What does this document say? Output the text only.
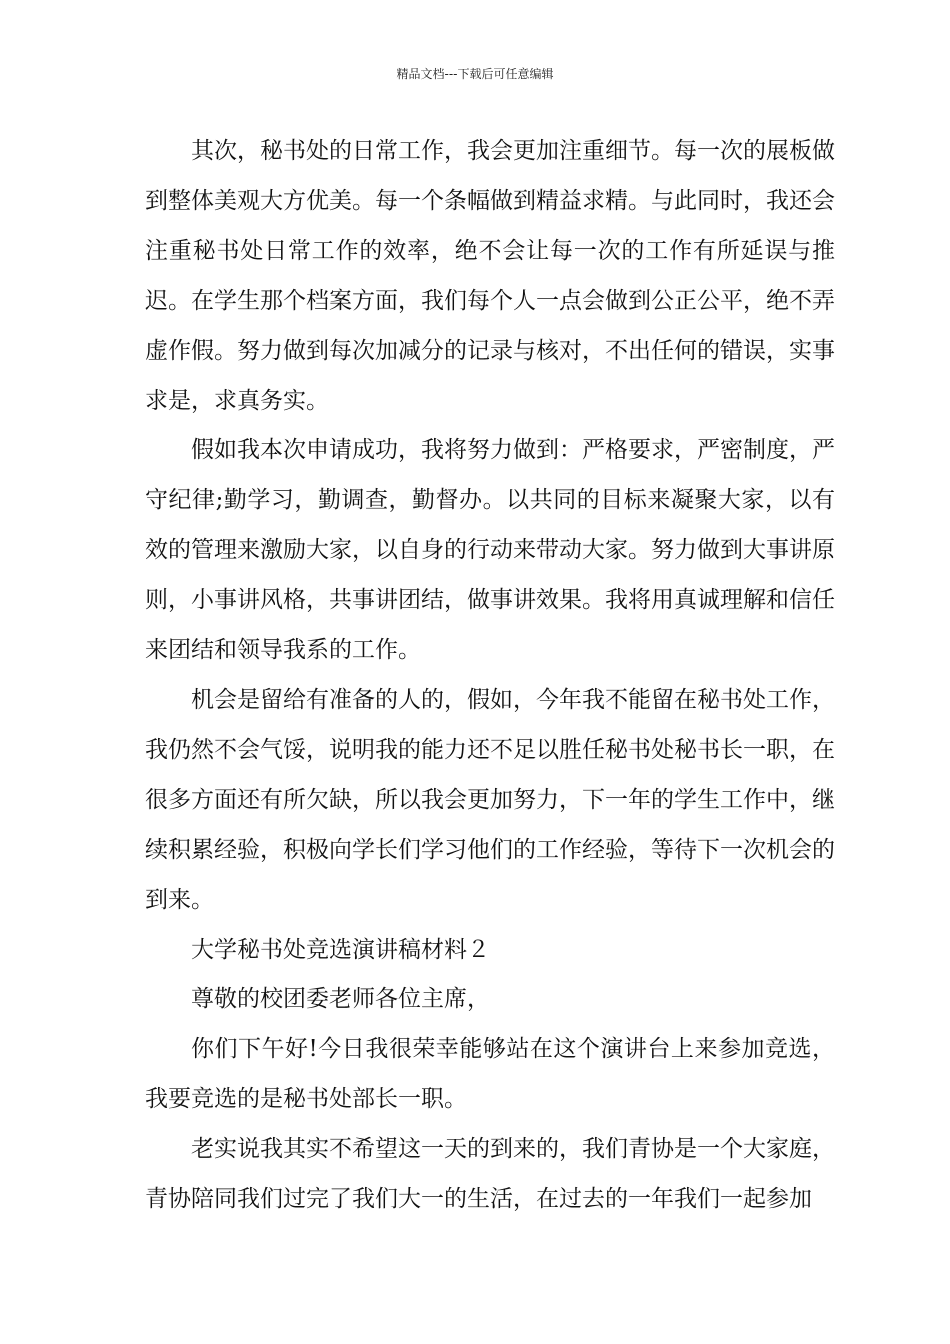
精品文档---下载后可任意编辑

其次，秘书处的日常工作，我会更加注重细节。每一次的展板做到整体美观大方优美。每一个条幅做到精益求精。与此同时，我还会注重秘书处日常工作的效率，绝不会让每一次的工作有所延误与推迟。在学生那个档案方面，我们每个人一点会做到公正公平，绝不弄虚作假。努力做到每次加减分的记录与核对，不出任何的错误，实事求是，求真务实。

假如我本次申请成功，我将努力做到：严格要求，严密制度，严守纪律;勤学习，勤调查，勤督办。以共同的目标来凝聚大家，以有效的管理来激励大家，以自身的行动来带动大家。努力做到大事讲原则，小事讲风格，共事讲团结，做事讲效果。我将用真诚理解和信任来团结和领导我系的工作。

机会是留给有准备的人的，假如，今年我不能留在秘书处工作，我仍然不会气馁，说明我的能力还不足以胜任秘书处秘书长一职，在很多方面还有所欠缺，所以我会更加努力，下一年的学生工作中，继续积累经验，积极向学长们学习他们的工作经验，等待下一次机会的到来。

大学秘书处竞选演讲稿材料２

尊敬的校团委老师各位主席，

你们下午好!今日我很荣幸能够站在这个演讲台上来参加竞选，我要竞选的是秘书处部长一职。

老实说我其实不希望这一天的到来的，我们青协是一个大家庭，青协陪同我们过完了我们大一的生活，在过去的一年我们一起参加
